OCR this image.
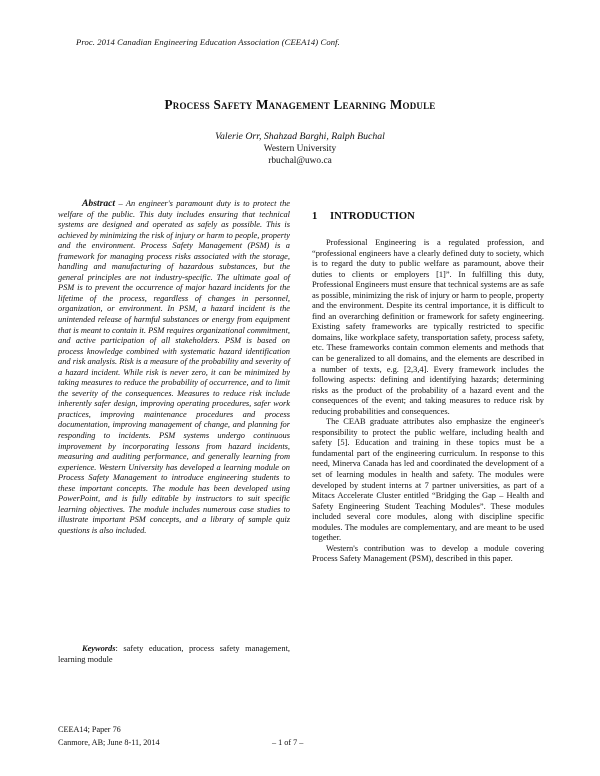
Proc. 2014 Canadian Engineering Education Association (CEEA14) Conf.
Process Safety Management Learning Module
Valerie Orr, Shahzad Barghi, Ralph Buchal
Western University
rbuchal@uwo.ca

Abstract – An engineer's paramount duty is to protect the welfare of the public. This duty includes ensuring that technical systems are designed and operated as safely as possible. This is achieved by minimizing the risk of injury or harm to people, property and the environment. Process Safety Management (PSM) is a framework for managing process risks associated with the storage, handling and manufacturing of hazardous substances, but the general principles are not industry-specific. The ultimate goal of PSM is to prevent the occurrence of major hazard incidents for the lifetime of the process, regardless of changes in personnel, organization, or environment. In PSM, a hazard incident is the unintended release of harmful substances or energy from equipment that is meant to contain it. PSM requires organizational commitment, and active participation of all stakeholders. PSM is based on process knowledge combined with systematic hazard identification and risk analysis. Risk is a measure of the probability and severity of a hazard incident. While risk is never zero, it can be minimized by taking measures to reduce the probability of occurrence, and to limit the severity of the consequences. Measures to reduce risk include inherently safer design, improving operating procedures, safer work practices, improving maintenance procedures and process documentation, improving management of change, and planning for responding to incidents. PSM systems undergo continuous improvement by incorporating lessons from hazard incidents, measuring and auditing performance, and generally learning from experience. Western University has developed a learning module on Process Safety Management to introduce engineering students to these important concepts. The module has been developed using PowerPoint, and is fully editable by instructors to suit specific learning objectives. The module includes numerous case studies to illustrate important PSM concepts, and a library of sample quiz questions is also included.

Keywords: safety education, process safety management, learning module

1 INTRODUCTION

Professional Engineering is a regulated profession, and “professional engineers have a clearly defined duty to society, which is to regard the duty to public welfare as paramount, above their duties to clients or employers [1]”. In fulfilling this duty, Professional Engineers must ensure that technical systems are as safe as possible, minimizing the risk of injury or harm to people, property and the environment. Despite its central importance, it is difficult to find an overarching definition or framework for safety engineering. Existing safety frameworks are typically restricted to specific domains, like workplace safety, transportation safety, process safety, etc. These frameworks contain common elements and methods that can be generalized to all domains, and the elements are described in a number of texts, e.g. [2,3,4]. Every framework includes the following aspects: defining and identifying hazards; determining risks as the product of the probability of a hazard event and the consequences of the event; and taking measures to reduce risk by reducing probabilities and consequences.

The CEAB graduate attributes also emphasize the engineer's responsibility to protect the public welfare, including health and safety [5]. Education and training in these topics must be a fundamental part of the engineering curriculum. In response to this need, Minerva Canada has led and coordinated the development of a set of learning modules in health and safety. The modules were developed by student interns at 7 partner universities, as part of a Mitacs Accelerate Cluster entitled “Bridging the Gap – Health and Safety Engineering Student Teaching Modules”. These modules included several core modules, along with discipline specific modules. The modules are complementary, and are meant to be used together.

Western's contribution was to develop a module covering Process Safety Management (PSM), described in this paper.

CEEA14; Paper 76
Canmore, AB; June 8-11, 2014	– 1 of 7 –
